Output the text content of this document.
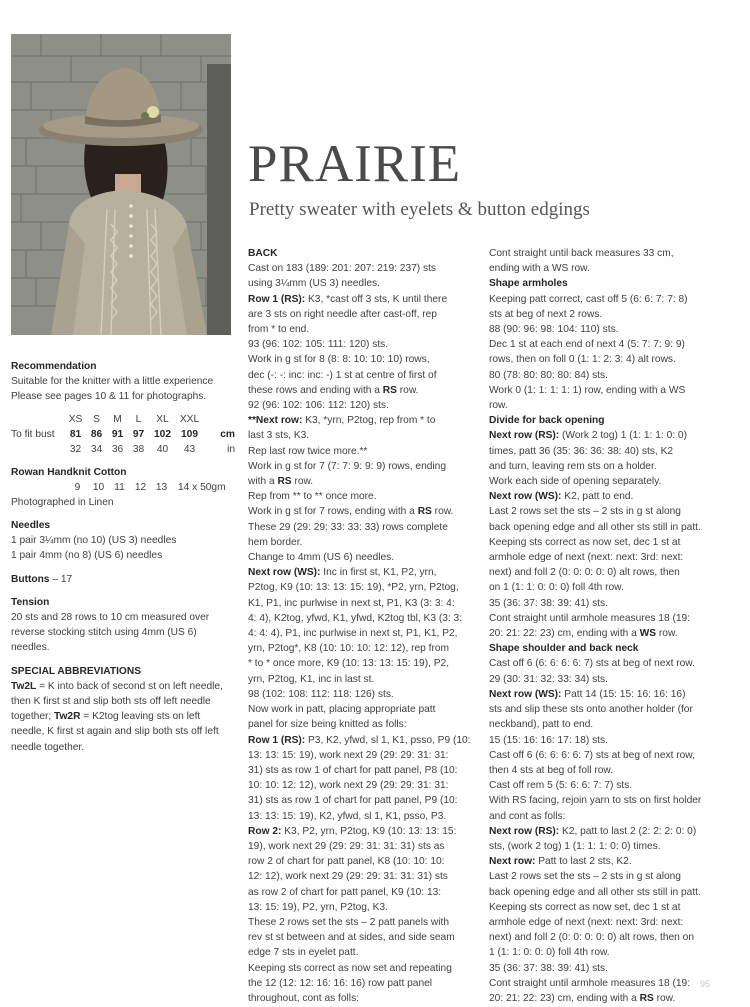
PRAIRIE
Pretty sweater with eyelets & button edgings

Recommendation

Suitable for the knitter with a little experience

Please see pages 10 & 11 for photographs.

	XS	S	M	L	XL	XXL	
To fit bust	81	86	91	97	102	109	cm
	32	34	36	38	40	43	in

Rowan Handknit Cotton

9	10 11 12 13	14 x 50gm

Photographed in Linen

Needles

1 pair 3¼mm (no 10) (US 3) needles

1 pair 4mm (no 8) (US 6) needles

Buttons – 17

Tension

20 sts and 28 rows to 10 cm measured over

reverse stocking stitch using 4mm (US 6)

needles.

SPECIAL ABBREVIATIONS

Tw2L = K into back of second st on left needle,

then K first st and slip both sts off left needle

together; Tw2R = K2tog leaving sts on left

needle, K first st again and slip both sts off left

needle together.

BACK

Cast on 183 (189: 201: 207: 219: 237) sts

using 3¼mm (US 3) needles.

Row 1 (RS): K3, *cast off 3 sts, K until there

are 3 sts on right needle after cast-off, rep

from * to end.

93 (96: 102: 105: 111: 120) sts.

Work in g st for 8 (8: 8: 10: 10: 10) rows,

dec (-: -: inc: inc: -) 1 st at centre of first of

these rows and ending with a RS row.

92 (96: 102: 106: 112: 120) sts.

**Next row: K3, *yrn, P2tog, rep from * to

last 3 sts, K3.

Rep last row twice more.**

Work in g st for 7 (7: 7: 9: 9: 9) rows, ending

with a RS row.

Rep from ** to ** once more.

Work in g st for 7 rows, ending with a RS row.

These 29 (29: 29: 33: 33: 33) rows complete

hem border.

Change to 4mm (US 6) needles.

Next row (WS): Inc in first st, K1, P2, yrn,

P2tog, K9 (10: 13: 13: 15: 19), *P2, yrn, P2tog,

K1, P1, inc purlwise in next st, P1, K3 (3: 3: 4:

4: 4), K2tog, yfwd, K1, yfwd, K2tog tbl, K3 (3: 3:

4: 4: 4), P1, inc purlwise in next st, P1, K1, P2,

yrn, P2tog*, K8 (10: 10: 10: 12: 12), rep from

* to * once more, K9 (10: 13: 13: 15: 19), P2,

yrn, P2tog, K1, inc in last st.

98 (102: 108: 112: 118: 126) sts.

Now work in patt, placing appropriate patt

panel for size being knitted as folls:

Row 1 (RS): P3, K2, yfwd, sl 1, K1, psso, P9 (10:

13: 13: 15: 19), work next 29 (29: 29: 31: 31:

31) sts as row 1 of chart for patt panel, P8 (10:

10: 10: 12: 12), work next 29 (29: 29: 31: 31:

31) sts as row 1 of chart for patt panel, P9 (10:

13: 13: 15: 19), K2, yfwd, sl 1, K1, psso, P3.

Row 2: K3, P2, yrn, P2tog, K9 (10: 13: 13: 15:

19), work next 29 (29: 29: 31: 31: 31) sts as

row 2 of chart for patt panel, K8 (10: 10: 10:

12: 12), work next 29 (29: 29: 31: 31: 31) sts

as row 2 of chart for patt panel, K9 (10: 13:

13: 15: 19), P2, yrn, P2tog, K3.

These 2 rows set the sts – 2 patt panels with

rev st st between and at sides, and side seam

edge 7 sts in eyelet patt.

Keeping sts correct as now set and repeating

the 12 (12: 12: 16: 16: 16) row patt panel

throughout, cont as folls:

Cont straight until back measures 33 cm,

ending with a WS row.

Shape armholes

Keeping patt correct, cast off 5 (6: 6: 7: 7: 8)

sts at beg of next 2 rows.

88 (90: 96: 98: 104: 110) sts.

Dec 1 st at each end of next 4 (5: 7: 7: 9: 9)

rows, then on foll 0 (1: 1: 2: 3: 4) alt rows.

80 (78: 80: 80: 80: 84) sts.

Work 0 (1: 1: 1: 1: 1) row, ending with a WS

row.

Divide for back opening

Next row (RS): (Work 2 tog) 1 (1: 1: 1: 0: 0)

times, patt 36 (35: 36: 36: 38: 40) sts, K2

and turn, leaving rem sts on a holder.

Work each side of opening separately.

Next row (WS): K2, patt to end.

Last 2 rows set the sts – 2 sts in g st along

back opening edge and all other sts still in patt.

Keeping sts correct as now set, dec 1 st at

armhole edge of next (next: next: 3rd: next:

next) and foll 2 (0: 0: 0: 0: 0) alt rows, then

on 1 (1: 1: 0: 0: 0) foll 4th row.

35 (36: 37: 38: 39: 41) sts.

Cont straight until armhole measures 18 (19:

20: 21: 22: 23) cm, ending with a WS row.

Shape shoulder and back neck

Cast off 6 (6: 6: 6: 6: 7) sts at beg of next row.

29 (30: 31: 32: 33: 34) sts.

Next row (WS): Patt 14 (15: 15: 16: 16: 16)

sts and slip these sts onto another holder (for

neckband), patt to end.

15 (15: 16: 16: 17: 18) sts.

Cast off 6 (6: 6: 6: 6: 7) sts at beg of next row,

then 4 sts at beg of foll row.

Cast off rem 5 (5: 6: 6: 7: 7) sts.

With RS facing, rejoin yarn to sts on first holder

and cont as folls:

Next row (RS): K2, patt to last 2 (2: 2: 2: 0: 0)

sts, (work 2 tog) 1 (1: 1: 1: 0: 0) times.

Next row: Patt to last 2 sts, K2.

Last 2 rows set the sts – 2 sts in g st along

back opening edge and all other sts still in patt.

Keeping sts correct as now set, dec 1 st at

armhole edge of next (next: next: 3rd: next:

next) and foll 2 (0: 0: 0: 0: 0) alt rows, then on

1 (1: 1: 0: 0: 0) foll 4th row.

35 (36: 37: 38: 39: 41) sts.

Cont straight until armhole measures 18 (19:

20: 21: 22: 23) cm, ending with a RS row.

95
